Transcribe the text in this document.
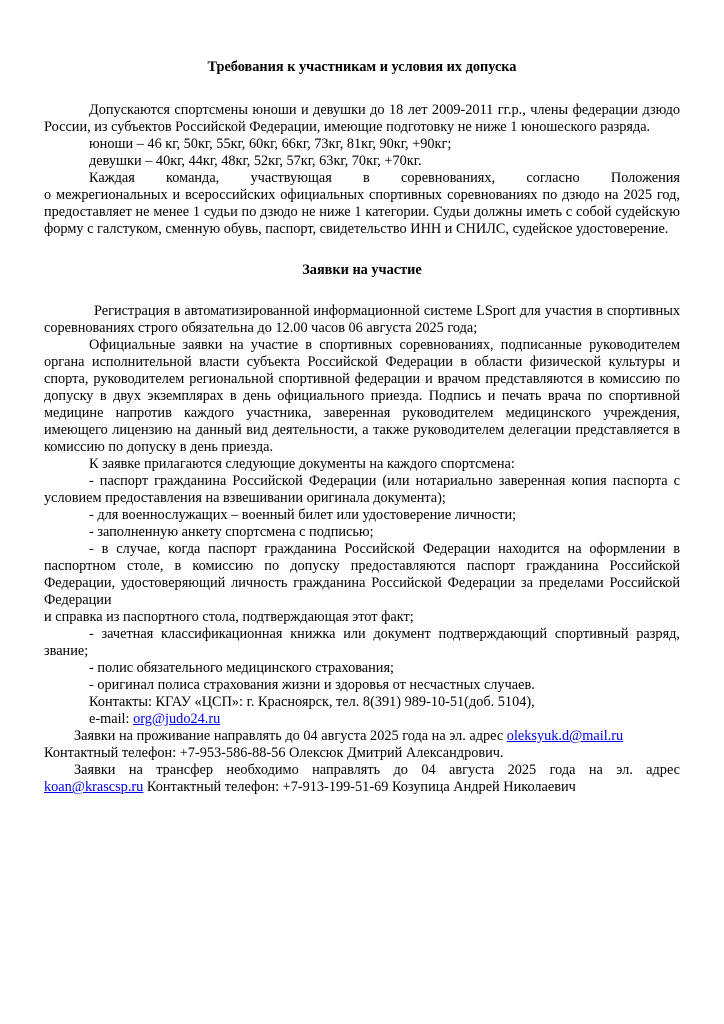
Требования к участникам и условия их допуска

Допускаются спортсмены юноши и девушки до 18 лет 2009-2011 гг.р., члены федерации дзюдо России, из субъектов Российской Федерации, имеющие подготовку не ниже 1 юношеского разряда.

юноши – 46 кг, 50кг, 55кг, 60кг, 66кг, 73кг, 81кг, 90кг, +90кг;

девушки – 40кг, 44кг, 48кг, 52кг, 57кг, 63кг, 70кг, +70кг.

Каждая команда, участвующая в соревнованиях, согласно Положения

о межрегиональных и всероссийских официальных спортивных соревнованиях по дзюдо на 2025 год, предоставляет не менее 1 судьи по дзюдо не ниже 1 категории. Судьи должны иметь с собой судейскую форму с галстуком, сменную обувь, паспорт, свидетельство ИНН и СНИЛС, судейское удостоверение.

Заявки на участие

Регистрация в автоматизированной информационной системе LSport для участия в спортивных соревнованиях строго обязательна до 12.00 часов 06 августа 2025 года;

Официальные заявки на участие в спортивных соревнованиях, подписанные руководителем органа исполнительной власти субъекта Российской Федерации в области физической культуры и спорта, руководителем региональной спортивной федерации и врачом представляются в комиссию по допуску в двух экземплярах в день официального приезда. Подпись и печать врача по спортивной медицине напротив каждого участника, заверенная руководителем медицинского учреждения, имеющего лицензию на данный вид деятельности, а также руководителем делегации представляется в комиссию по допуску в день приезда.

К заявке прилагаются следующие документы на каждого спортсмена:

- паспорт гражданина Российской Федерации (или нотариально заверенная копия паспорта с условием предоставления на взвешивании оригинала документа);

- для военнослужащих – военный билет или удостоверение личности;

- заполненную анкету спортсмена с подписью;

- в случае, когда паспорт гражданина Российской Федерации находится на оформлении в паспортном столе, в комиссию по допуску предоставляются паспорт гражданина Российской Федерации, удостоверяющий личность гражданина Российской Федерации за пределами Российской Федерации

и справка из паспортного стола, подтверждающая этот факт;

- зачетная классификационная книжка или документ подтверждающий спортивный разряд, звание;

- полис обязательного медицинского страхования;

- оригинал полиса страхования жизни и здоровья от несчастных случаев.

Контакты: КГАУ «ЦСП»: г. Красноярск, тел. 8(391) 989-10-51(доб. 5104),

e-mail: org@judo24.ru

Заявки на проживание направлять до 04 августа 2025 года на эл. адрес oleksyuk.d@mail.ru

Контактный телефон: +7-953-586-88-56 Олексюк Дмитрий Александрович.

Заявки на трансфер необходимо направлять до 04 августа 2025 года на эл. адрес

koan@krascsp.ru Контактный телефон: +7-913-199-51-69 Козупица Андрей Николаевич
